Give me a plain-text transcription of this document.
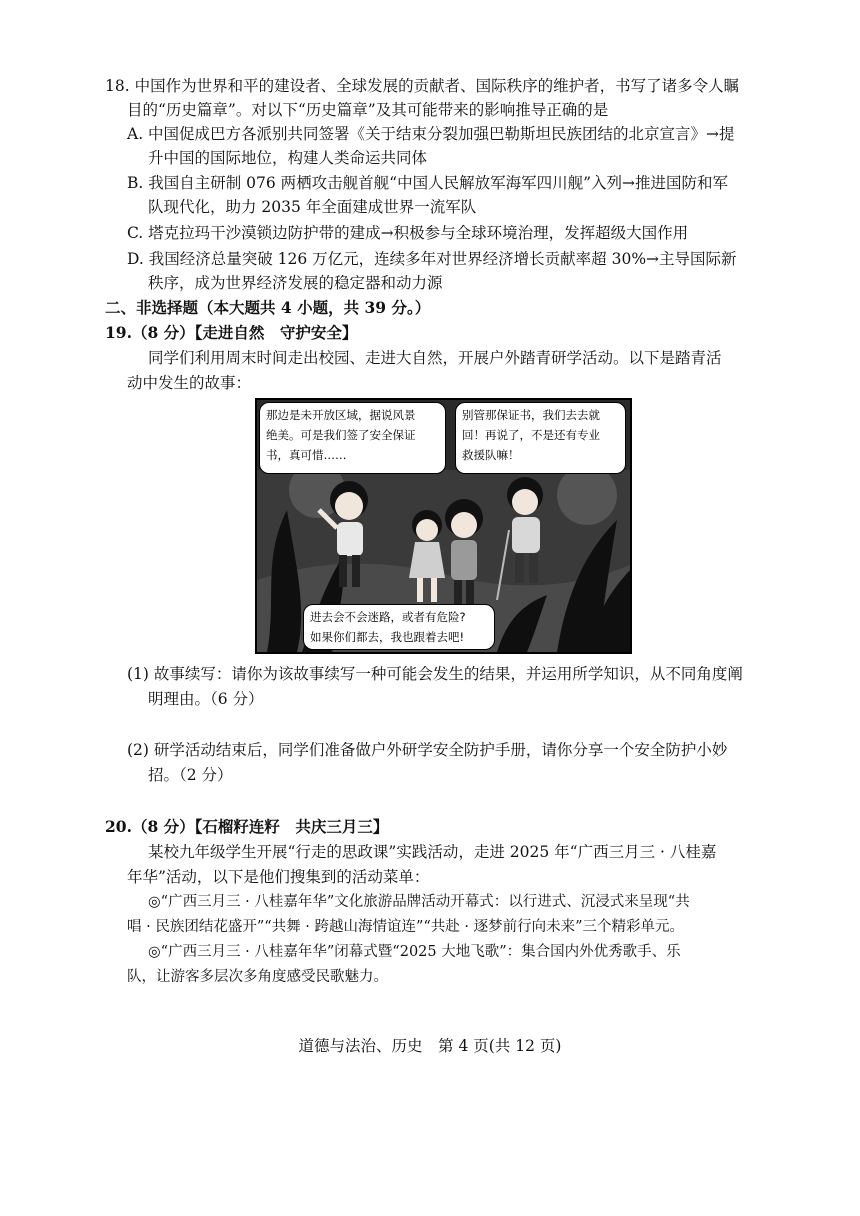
18. 中国作为世界和平的建设者、全球发展的贡献者、国际秩序的维护者，书写了诸多令人瞩
目的“历史篇章”。对以下“历史篇章”及其可能带来的影响推导正确的是
A. 中国促成巴方各派别共同签署《关于结束分裂加强巴勒斯坦民族团结的北京宣言》→提
升中国的国际地位，构建人类命运共同体
B. 我国自主研制 076 两栖攻击舰首舰“中国人民解放军海军四川舰”入列→推进国防和军
队现代化，助力 2035 年全面建成世界一流军队
C. 塔克拉玛干沙漠锁边防护带的建成→积极参与全球环境治理，发挥超级大国作用
D. 我国经济总量突破 126 万亿元，连续多年对世界经济增长贡献率超 30%→主导国际新
秩序，成为世界经济发展的稳定器和动力源
二、非选择题（本大题共 4 小题，共 39 分。）
19.（8 分）【走进自然　守护安全】
同学们利用周末时间走出校园、走进大自然，开展户外踏青研学活动。以下是踏青活
动中发生的故事：
那边是未开放区域，据说风景
绝美。可是我们签了安全保证
书，真可惜……
别管那保证书，我们去去就
回！再说了，不是还有专业
救援队嘛！
进去会不会迷路，或者有危险?
如果你们都去，我也跟着去吧!
(1) 故事续写：请你为该故事续写一种可能会发生的结果，并运用所学知识，从不同角度阐
明理由。（6 分）
(2) 研学活动结束后，同学们准备做户外研学安全防护手册，请你分享一个安全防护小妙
招。（2 分）
20.（8 分）【石榴籽连籽　共庆三月三】
某校九年级学生开展“行走的思政课”实践活动，走进 2025 年“广西三月三 · 八桂嘉
年华”活动，以下是他们搜集到的活动菜单：
◎“广西三月三 · 八桂嘉年华”文化旅游品牌活动开幕式：以行进式、沉浸式来呈现“共
唱 · 民族团结花盛开”“共舞 · 跨越山海情谊连”“共赴 · 逐梦前行向未来”三个精彩单元。
◎“广西三月三 · 八桂嘉年华”闭幕式暨“2025 大地飞歌”：集合国内外优秀歌手、乐
队，让游客多层次多角度感受民歌魅力。
道德与法治、历史　第 4 页(共 12 页)
